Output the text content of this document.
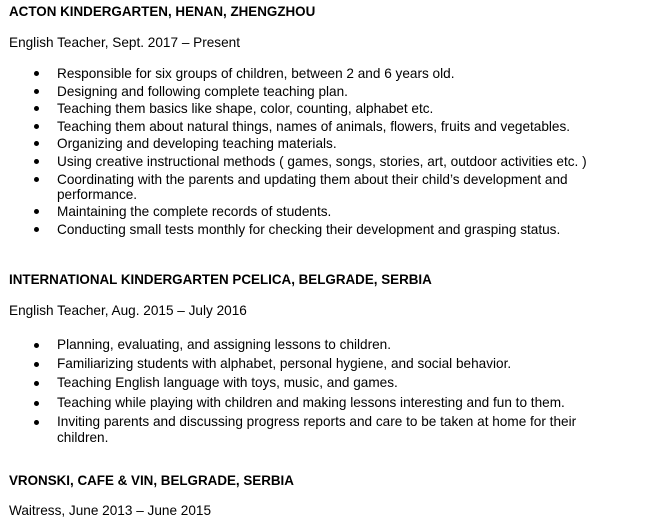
ACTON KINDERGARTEN, HENAN, ZHENGZHOU
English Teacher, Sept. 2017 – Present
Responsible for six groups of children, between 2 and 6 years old.
Designing and following complete teaching plan.
Teaching them basics like shape, color, counting, alphabet etc.
Teaching them about natural things, names of animals, flowers, fruits and vegetables.
Organizing and developing teaching materials.
Using creative instructional methods ( games, songs, stories, art, outdoor activities etc. )
Coordinating with the parents and updating them about their child’s development and performance.
Maintaining the complete records of students.
Conducting small tests monthly for checking their development and grasping status.
INTERNATIONAL KINDERGARTEN PCELICA, BELGRADE, SERBIA
English Teacher, Aug. 2015 – July 2016
Planning, evaluating, and assigning lessons to children.
Familiarizing students with alphabet, personal hygiene, and social behavior.
Teaching English language with toys, music, and games.
Teaching while playing with children and making lessons interesting and fun to them.
Inviting parents and discussing progress reports and care to be taken at home for their children.
VRONSKI, CAFE & VIN, BELGRADE, SERBIA
Waitress, June 2013 – June 2015
